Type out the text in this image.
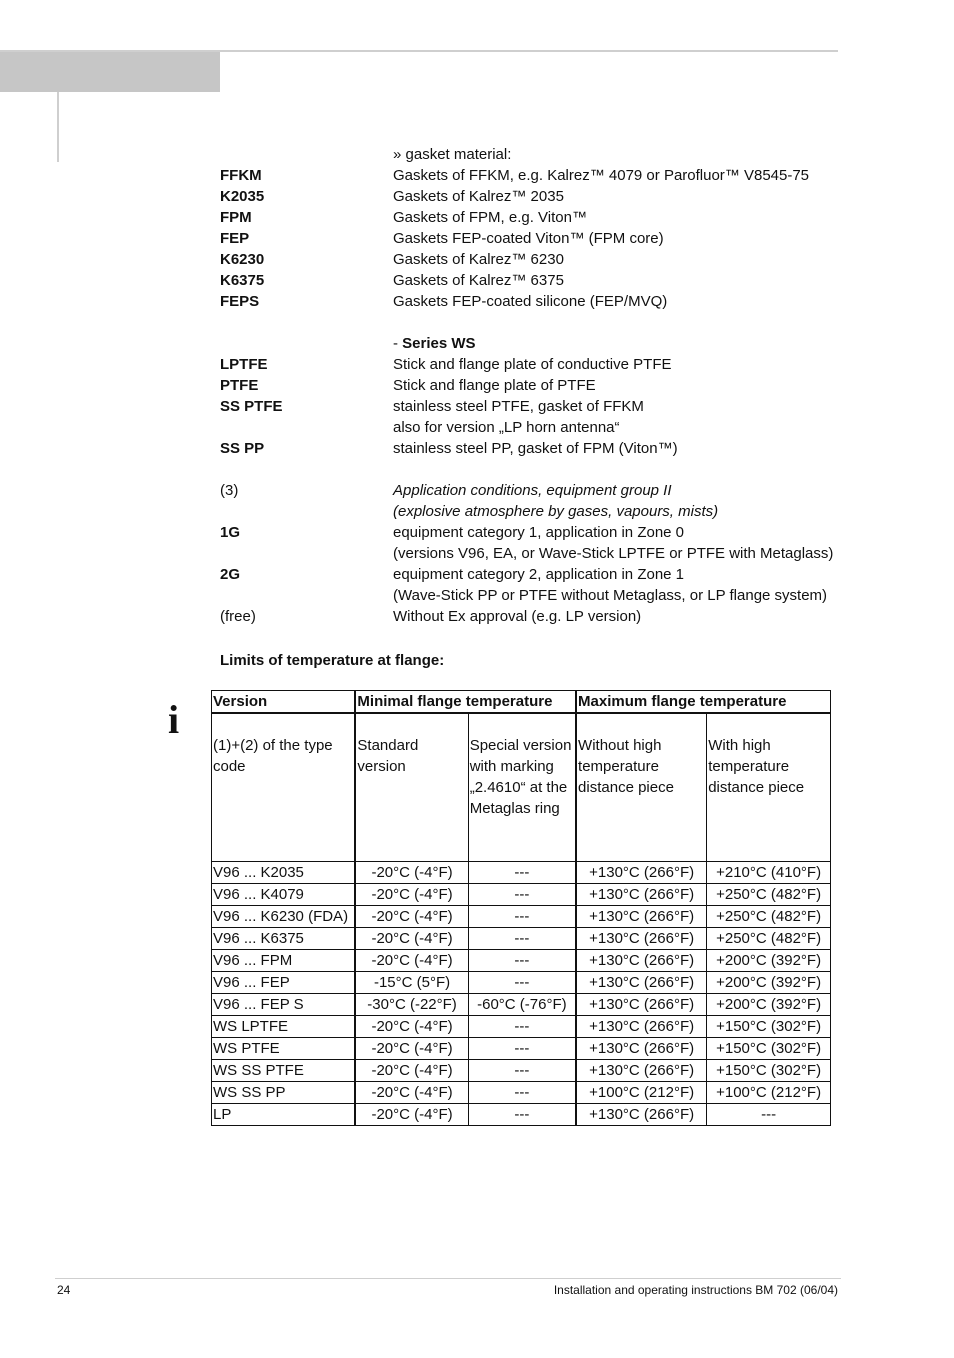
» gasket material:
FFKM	Gaskets of FFKM, e.g. Kalrez™ 4079 or Parofluor™ V8545-75
K2035	Gaskets of Kalrez™ 2035
FPM	Gaskets of FPM, e.g. Viton™
FEP	Gaskets FEP-coated Viton™ (FPM core)
K6230	Gaskets of Kalrez™ 6230
K6375	Gaskets of Kalrez™ 6375
FEPS	Gaskets FEP-coated silicone (FEP/MVQ)
- Series WS
LPTFE	Stick and flange plate of conductive PTFE
PTFE	Stick and flange plate of PTFE
SS PTFE	stainless steel PTFE, gasket of FFKM
also for version „LP horn antenna“
SS PP	stainless steel PP, gasket of FPM (Viton™)
(3)	Application conditions, equipment group II
(explosive atmosphere by gases, vapours, mists)
1G	equipment category 1, application in Zone 0
(versions V96, EA, or Wave-Stick LPTFE or PTFE with Metaglass)
2G	equipment category 2, application in Zone 1
(Wave-Stick PP or PTFE without Metaglass, or LP flange system)
(free)	Without Ex approval (e.g. LP version)
Limits of temperature at flange:
i Version	Minimal flange temperature		Maximum flange temperature	
(1)+(2) of the type code	Standard version	Special version with marking „2.4610“ at the Metaglas ring	Without high temperature distance piece	With high temperature distance piece
V96 ... K2035	-20°C (-4°F)	---	+130°C (266°F)	+210°C (410°F)
V96 ... K4079	-20°C (-4°F)	---	+130°C (266°F)	+250°C (482°F)
V96 ... K6230 (FDA)	-20°C (-4°F)	---	+130°C (266°F)	+250°C (482°F)
V96 ... K6375	-20°C (-4°F)	---	+130°C (266°F)	+250°C (482°F)
V96 ... FPM	-20°C (-4°F)	---	+130°C (266°F)	+200°C (392°F)
V96 ... FEP	-15°C (5°F)	---	+130°C (266°F)	+200°C (392°F)
V96 ... FEP S	-30°C (-22°F)	-60°C (-76°F)	+130°C (266°F)	+200°C (392°F)
WS LPTFE	-20°C (-4°F)	---	+130°C (266°F)	+150°C (302°F)
WS PTFE	-20°C (-4°F)	---	+130°C (266°F)	+150°C (302°F)
WS SS PTFE	-20°C (-4°F)	---	+130°C (266°F)	+150°C (302°F)
WS SS PP	-20°C (-4°F)	---	+100°C (212°F)	+100°C (212°F)
LP	-20°C (-4°F)	---	+130°C (266°F)	---
24	Installation and operating instructions BM 702 (06/04)
